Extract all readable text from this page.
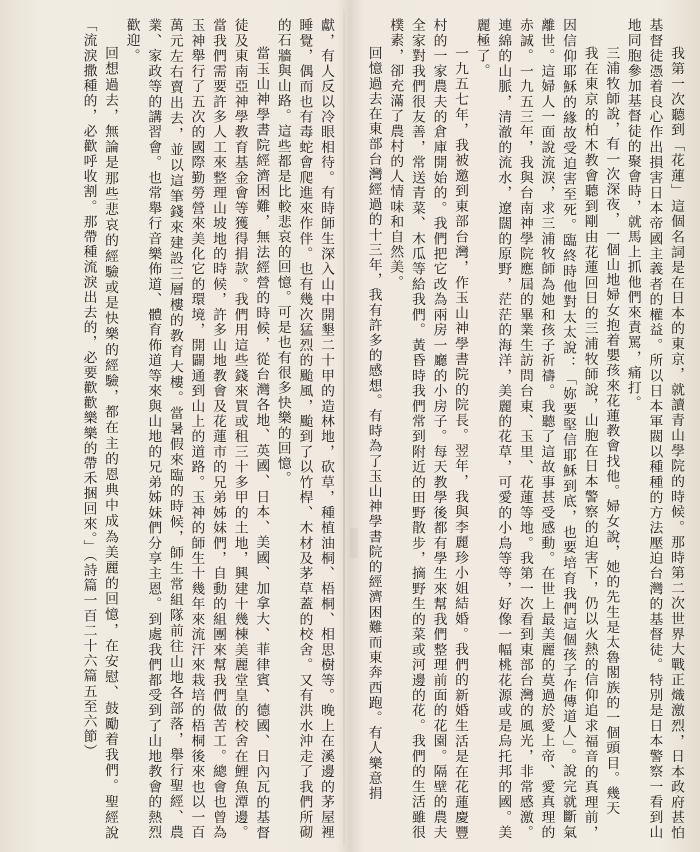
我第一次聽到「花蓮」這個名詞是在日本的東京，就讀青山學院的時候。那時第二次世界大戰正熾激烈，日本政府甚怕基督徒憑着良心作出損害日本帝國主義者的權益。所以日本軍閥以種種的方法壓迫台灣的基督徒。特別是日本警察一看到山地同胞參加基督徒的聚會時，就馬上抓他們來責罵，痛打。

三浦牧師說，有一次深夜，一個山地婦女抱着嬰孩來花蓮教會找他。婦女說，她的先生是太魯閣族的一個頭目。幾天

我在東京的柏木教會聽到剛由花蓮回日的三浦牧師說，山胞在日本警察的迫害下，仍以火熱的信仰追求福音的真理前，因信仰耶穌的緣故受迫害至死。臨終時他對太太說：「妳要堅信耶穌到底，也要培育我們這個孩子作傳道人」。說完就斷氣離世。這婦人一面說流淚，求三浦牧師為她和孩子祈禱。我聽了這故事甚受感動。在世上最美麗的莫過於愛上帝、愛真理的赤誠。一九五三年，我與台南神學院應屆的畢業生訪問台東、玉里、花蓮等地。我第一次看到東部台灣的風光，非常感激。連綿的山脈，清澈的流水，遼闊的原野，茫茫的海洋，美麗的花草，可愛的小鳥等等，好像一幅桃花源或是烏托邦的國。美麗極了。

一九五七年，我被邀到東部台灣，作玉山神學書院的院長。翌年，我與李麗珍小姐結婚。我們的新婚生活是在花蓮慶豐村的一家農夫的倉庫開始的。我們把它改為兩房一廳的小房子。每天教學後都有學生來幫我們整理前面的花園。隔壁的農夫全家對我們很友善，常送青菜、木瓜等給我們。黃昏時我們常到附近的田野散步，摘野生的菜或河邊的花。我們的生活雖很樸素，卻充滿了農村的人情味和自然美。

回憶過去在東部台灣經過的十三年，我有許多的感想。有時為了玉山神學書院的經濟困難而東奔西跑。有人樂意捐

獻，有人反以冷眼相待。有時師生深入山中開墾二十甲的造林地，砍草，種植油桐、梧桐、相思樹等。晚上在溪邊的茅屋裡睡覺，偶而也有毒蛇會爬進來作伴。也有幾次猛烈的颱風，颱到了以竹桿、木材及茅草蓋的校舍。又有洪水沖走了我們所砌的石牆與山路。這些都是比較悲哀的回憶。可是也有很多快樂的回憶。

當玉山神學書院經濟困難，無法經營的時候，從台灣各地、英國、日本、美國、加拿大、菲律賓、德國、日內瓦的基督徒及東南亞神學教育基金會等獲得捐款。我們用這些錢來買或租三十多甲的土地，興建十幾棟美麗堂皇的校舍在鯉魚潭邊。當我們需要許多人工來整理山坡地的時候，許多山地教會及花蓮市的兄弟姊妹們，自動的組團來幫我們做苦工。總會也曾為玉神舉行了五次的國際勤勞營來美化它的環境，開闢通到山上的道路。玉神的師生十幾年來流汗來栽培的梧桐後來也以一百萬元左右賣出去，並以這筆錢來建設三層樓的教育大樓。當暑假來臨的時候，師生常組隊前往山地各部落，舉行聖經、農業、家政等的講習會。也常舉行音樂佈道、體育佈道等來與山地的兄弟姊妹們分享主恩。到處我們都受到了山地教會的熱烈歡迎。

回想過去，無論是那些悲哀的經驗或是快樂的經驗，都在主的恩典中成為美麗的回憶，在安慰、鼓勵着我們。聖經說「流淚撒種的，必歡呼收割。那帶種流淚出去的，必要歡歡樂樂的帶禾捆回來。」（詩篇一百二十六篇五至六節）
